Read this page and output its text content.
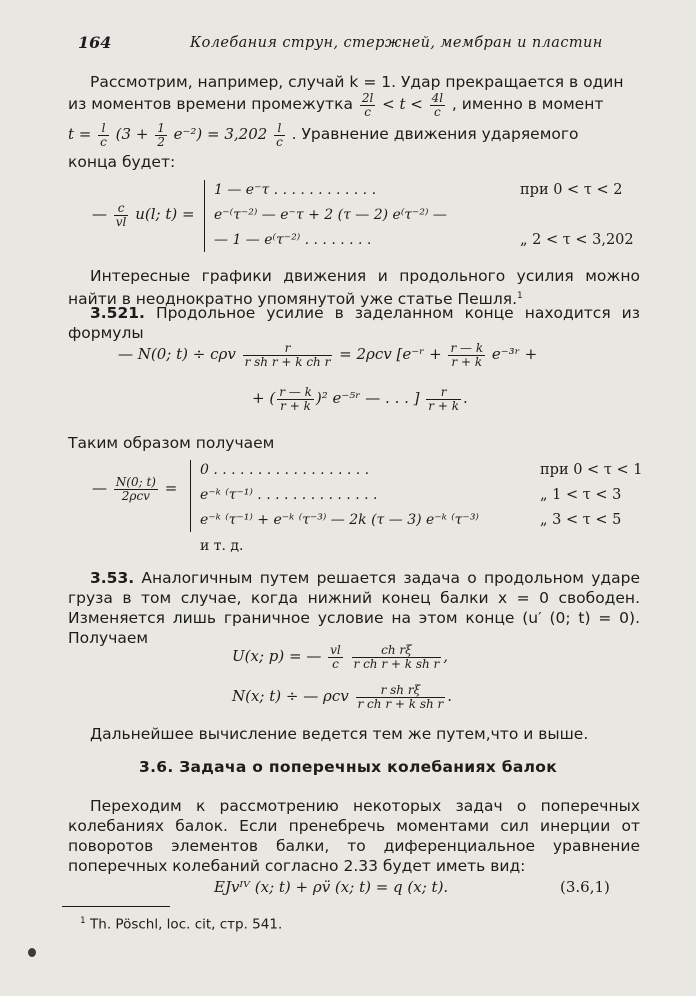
164	Колебания струн, стержней, мембран и пластин
Рассмотрим, например, случай k = 1. Удар прекращается в один
из моментов времени промежутка $\frac{2l}{c} < t < \frac{4l}{c}$ , именно в момент
$t = \frac{l}{c} (3 + \frac{1}{2} e^{-2}) = 3,202 \frac{l}{c}$ . Уравнение движения ударяемого
конца будет:
— $\frac{c}{vl} u(l$; t) =
1 — e⁻τ . . . . . . . . . . . .	при 0 < τ < 2
e⁻⁽τ⁻²⁾ — e⁻τ + 2 (τ — 2) e⁽τ⁻²⁾ —
— 1 — e⁽τ⁻²⁾ . . . . . . . .	„ 2 < τ < 3,202
Интересные графики движения и продольного усилия можно найти в неоднократно упомянутой уже статье Пешля.$^1$
3.521. Продольное усилие в заделанном конце находится из формулы
— N(0; t) ÷ cρv $\frac{r}{\text{r sh r + k ch r}} = 2\rho cv$ [e⁻ʳ + $\frac{r — k}{r + k}$ e⁻³ʳ +
+ ( $\frac{r — k}{r + k} )^2$ e⁻⁵ʳ — . . . ] $\frac{r}{r + k}$ .
Таким образом получаем
— $\frac{N(0; t)}{\text{2ρcv}}$ =
0 . . . . . . . . . . . . . . . . . .	при 0 < τ < 1
e⁻ᵏ ⁽τ⁻¹⁾ . . . . . . . . . . . . . .	„ 1 < τ < 3
e⁻ᵏ ⁽τ⁻¹⁾ + e⁻ᵏ ⁽τ⁻³⁾ — 2k (τ — 3) e⁻ᵏ ⁽τ⁻³⁾	„ 3 < τ < 5
и т. д.
3.53. Аналогичным путем решается задача о продольном ударе груза в том случае, когда нижний конец балки x = 0 свободен. Изменяется лишь граничное условие на этом конце (u′ (0; t) = 0). Получаем
U(x; p) = — $\frac{vl}{c}$
$\frac{\text{ch rξ}}{\text{r ch r + k sh r}}$ ,
N(x; t) ÷ — ρcv $\frac{\text{r sh rξ}}{\text{r ch r + k sh r}}$ .
Дальнейшее вычисление ведется тем же путем,что и выше.
3.6. Задача о поперечных колебаниях балок
Переходим к рассмотрению некоторых задач о поперечных колебаниях балок. Если пренебречь моментами сил инерции от поворотов элементов балки, то диференциальное уравнение поперечных колебаний согласно 2.33 будет иметь вид:
EJvᴵⱽ (x; t) + ρv̈ (x; t) = q (x; t).	(3.6,1)
$^1$ Th. Pöschl, loc. cit, стр. 541.
